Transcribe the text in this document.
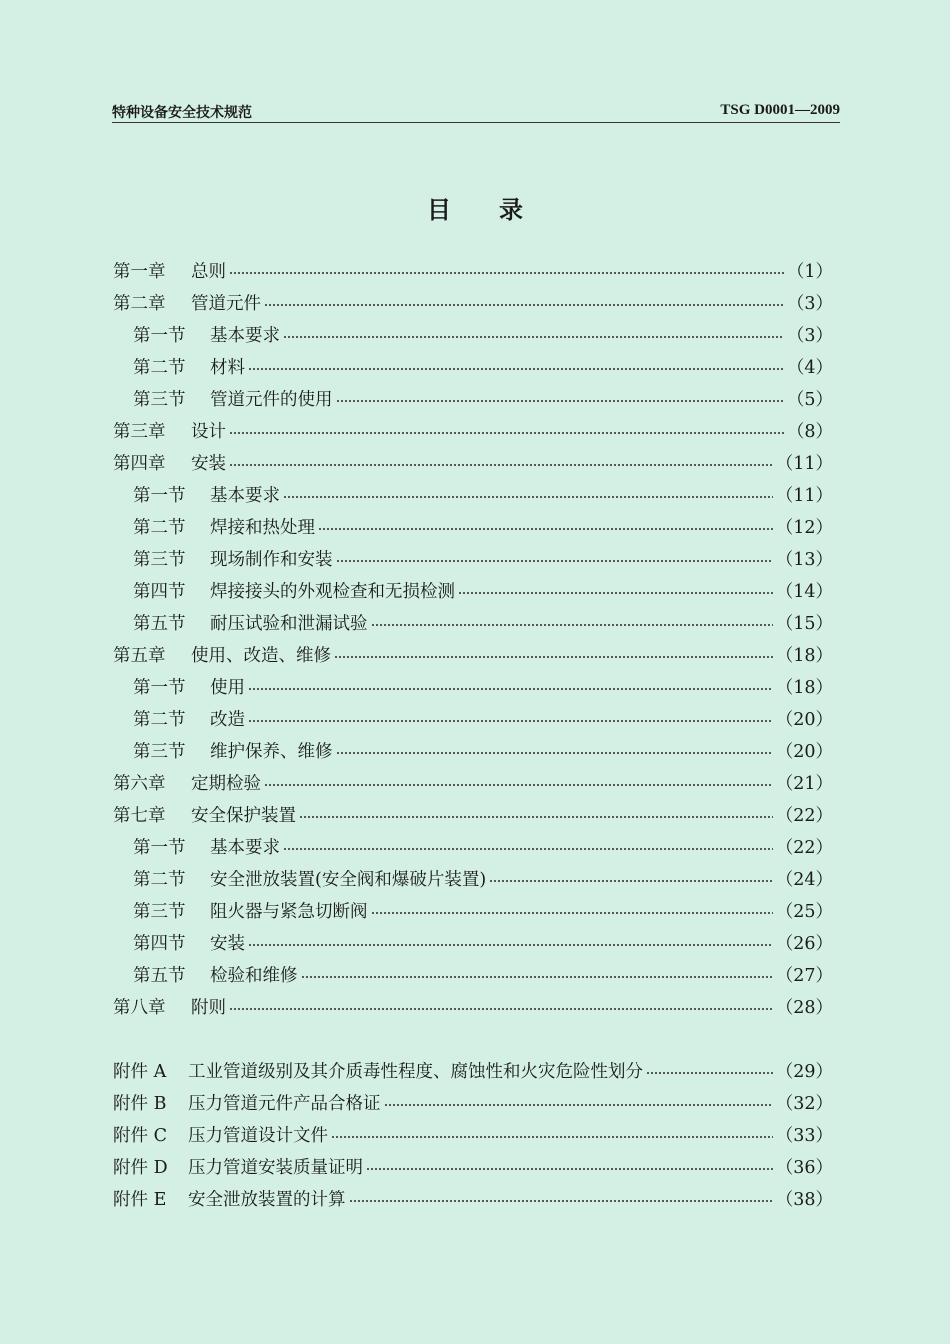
特种设备安全技术规范	TSG D0001—2009
目录
第一章	总则	（1）
第二章	管道元件	（3）
第一节	基本要求	（3）
第二节	材料	（4）
第三节	管道元件的使用	（5）
第三章	设计	（8）
第四章	安装	（11）
第一节	基本要求	（11）
第二节	焊接和热处理	（12）
第三节	现场制作和安装	（13）
第四节	焊接接头的外观检查和无损检测	（14）
第五节	耐压试验和泄漏试验	（15）
第五章	使用、改造、维修	（18）
第一节	使用	（18）
第二节	改造	（20）
第三节	维护保养、维修	（20）
第六章	定期检验	（21）
第七章	安全保护装置	（22）
第一节	基本要求	（22）
第二节	安全泄放装置(安全阀和爆破片装置)	（24）
第三节	阻火器与紧急切断阀	（25）
第四节	安装	（26）
第五节	检验和维修	（27）
第八章	附则	（28）
附件 A	工业管道级别及其介质毒性程度、腐蚀性和火灾危险性划分	（29）
附件 B	压力管道元件产品合格证	（32）
附件 C	压力管道设计文件	（33）
附件 D	压力管道安装质量证明	（36）
附件 E	安全泄放装置的计算	（38）
